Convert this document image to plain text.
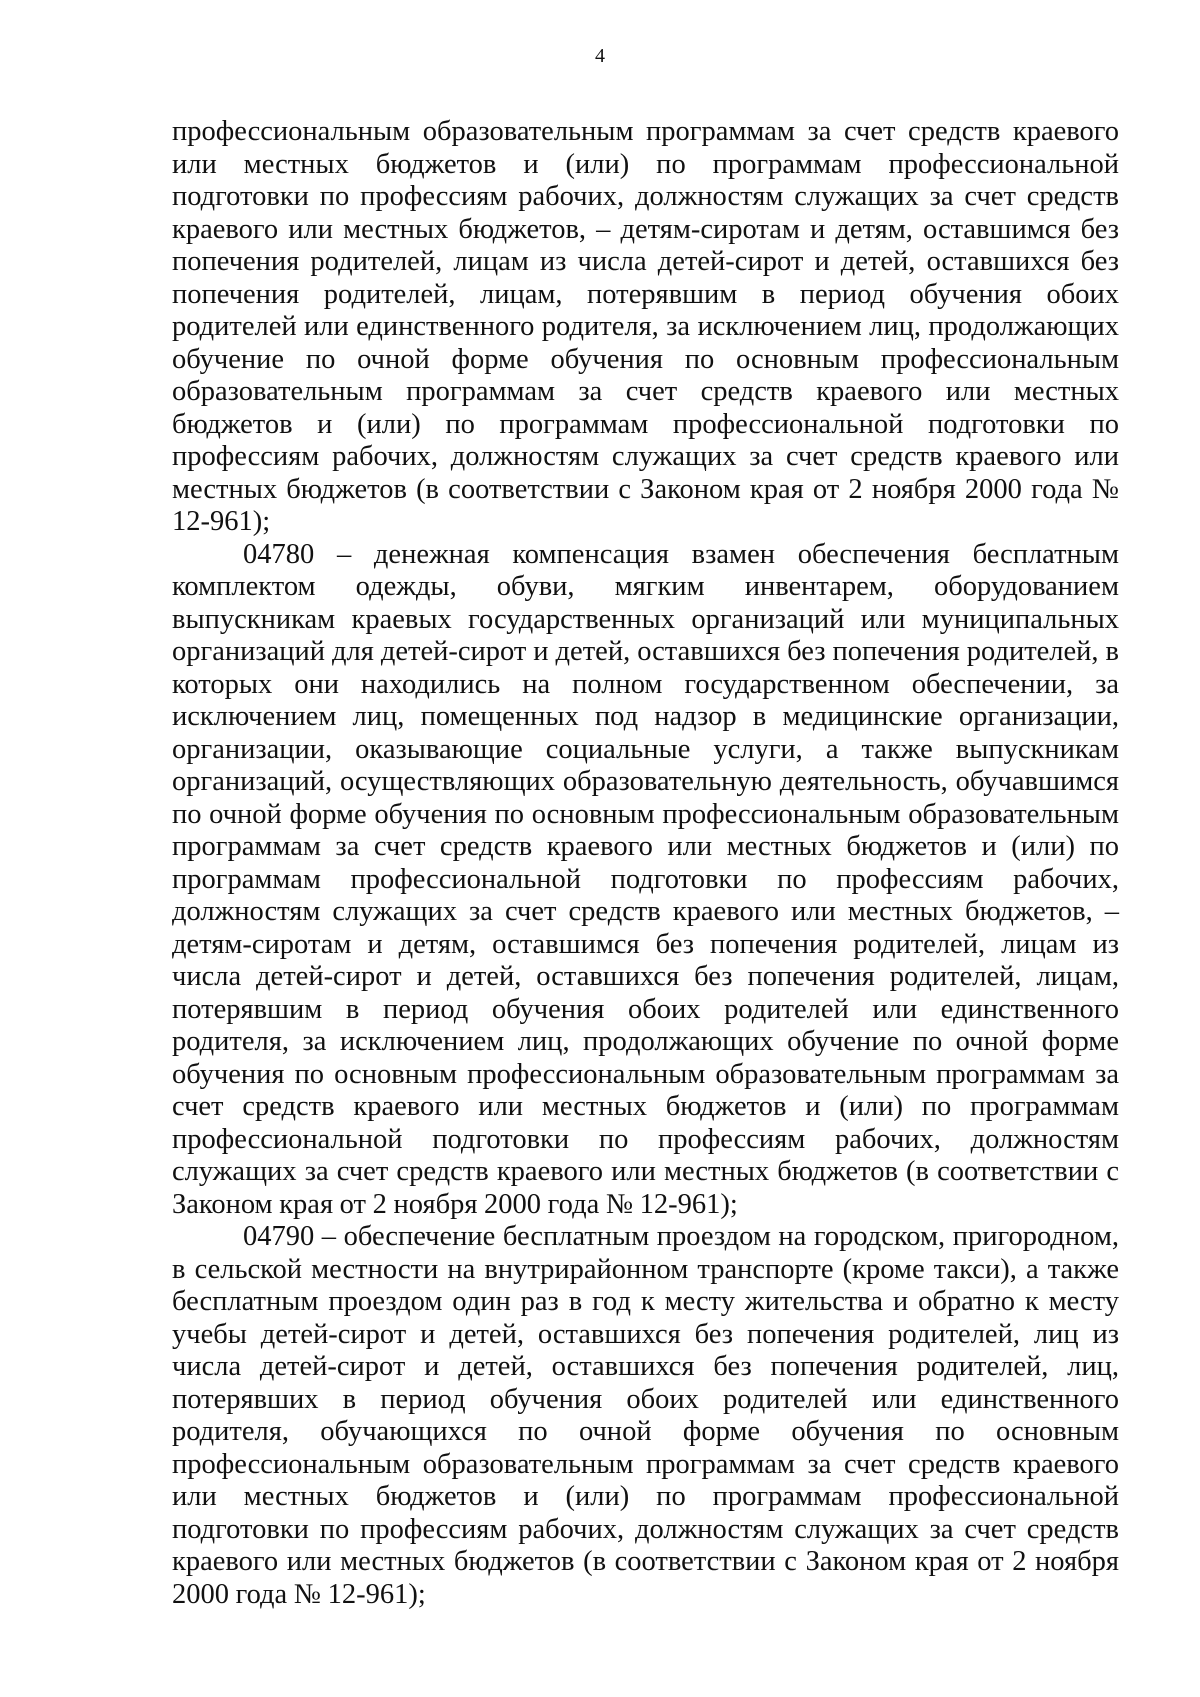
4

профессиональным образовательным программам за счет средств краевого или местных бюджетов и (или) по программам профессиональной подготовки по профессиям рабочих, должностям служащих за счет средств краевого или местных бюджетов, – детям-сиротам и детям, оставшимся без попечения родителей, лицам из числа детей-сирот и детей, оставшихся без попечения родителей, лицам, потерявшим в период обучения обоих родителей или единственного родителя, за исключением лиц, продолжающих обучение по очной форме обучения по основным профессиональным образовательным программам за счет средств краевого или местных бюджетов и (или) по программам профессиональной подготовки по профессиям рабочих, должностям служащих за счет средств краевого или местных бюджетов (в соответствии с Законом края от 2 ноября 2000 года № 12-961);

04780 – денежная компенсация взамен обеспечения бесплатным комплектом одежды, обуви, мягким инвентарем, оборудованием выпускникам краевых государственных организаций или муниципальных организаций для детей-сирот и детей, оставшихся без попечения родителей, в которых они находились на полном государственном обеспечении, за исключением лиц, помещенных под надзор в медицинские организации, организации, оказывающие социальные услуги, а также выпускникам организаций, осуществляющих образовательную деятельность, обучавшимся по очной форме обучения по основным профессиональным образовательным программам за счет средств краевого или местных бюджетов и (или) по программам профессиональной подготовки по профессиям рабочих, должностям служащих за счет средств краевого или местных бюджетов, – детям-сиротам и детям, оставшимся без попечения родителей, лицам из числа детей-сирот и детей, оставшихся без попечения родителей, лицам, потерявшим в период обучения обоих родителей или единственного родителя, за исключением лиц, продолжающих обучение по очной форме обучения по основным профессиональным образовательным программам за счет средств краевого или местных бюджетов и (или) по программам профессиональной подготовки по профессиям рабочих, должностям служащих за счет средств краевого или местных бюджетов (в соответствии с Законом края от 2 ноября 2000 года № 12-961);

04790 – обеспечение бесплатным проездом на городском, пригородном, в сельской местности на внутрирайонном транспорте (кроме такси), а также бесплатным проездом один раз в год к месту жительства и обратно к месту учебы детей-сирот и детей, оставшихся без попечения родителей, лиц из числа детей-сирот и детей, оставшихся без попечения родителей, лиц, потерявших в период обучения обоих родителей или единственного родителя, обучающихся по очной форме обучения по основным профессиональным образовательным программам за счет средств краевого или местных бюджетов и (или) по программам профессиональной подготовки по профессиям рабочих, должностям служащих за счет средств краевого или местных бюджетов (в соответствии с Законом края от 2 ноября 2000 года № 12-961);
